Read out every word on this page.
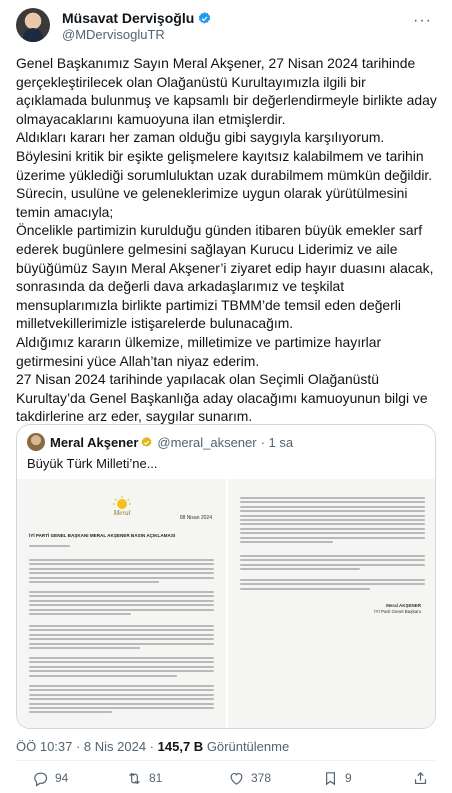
Müsavat Dervişoğlu
@MDervisogluTR
···

Genel Başkanımız Sayın Meral Akşener, 27 Nisan 2024 tarihinde gerçekleştirilecek olan Olağanüstü Kurultayımızla ilgili bir açıklamada bulunmuş ve kapsamlı bir değerlendirmeyle birlikte aday olmayacaklarını kamuoyuna ilan etmişlerdir.

Aldıkları kararı her zaman olduğu gibi saygıyla karşılıyorum.

Böylesini kritik bir eşikte gelişmelere kayıtsız kalabilmem ve tarihin üzerime yüklediği sorumluluktan uzak durabilmem mümkün değildir.

Sürecin, usulüne ve geleneklerimize uygun olarak yürütülmesini temin amacıyla;

Öncelikle partimizin kurulduğu günden itibaren büyük emekler sarf ederek bugünlere gelmesini sağlayan Kurucu Liderimiz ve aile büyüğümüz Sayın Meral Akşener’i ziyaret edip hayır duasını alacak, sonrasında da değerli dava arkadaşlarımız ve teşkilat mensuplarımızla birlikte partimizi TBMM’de temsil eden değerli milletvekillerimizle istişarelerde bulunacağım.

Aldığımız kararın ülkemize, milletimize ve partimize hayırlar getirmesini yüce Allah’tan niyaz ederim.

27 Nisan 2024 tarihinde yapılacak olan Seçimli Olağanüstü Kurultay’da Genel Başkanlığa aday olacağımı kamuoyunun bilgi ve takdirlerine arz eder, saygılar sunarım.

Meral Akşener @meral_aksener · 1 sa
Büyük Türk Milleti’ne...
Meral
08 Nisan 2024
İYİ PARTİ GENEL BAŞKANI MERAL AKŞENER BASIN AÇIKLAMASI
Meral AKŞENER
İYİ Parti Genel Başkanı
ÖÖ 10:37 · 8 Nis 2024 · 145,7 B Görüntülenme
94	81	378	9
